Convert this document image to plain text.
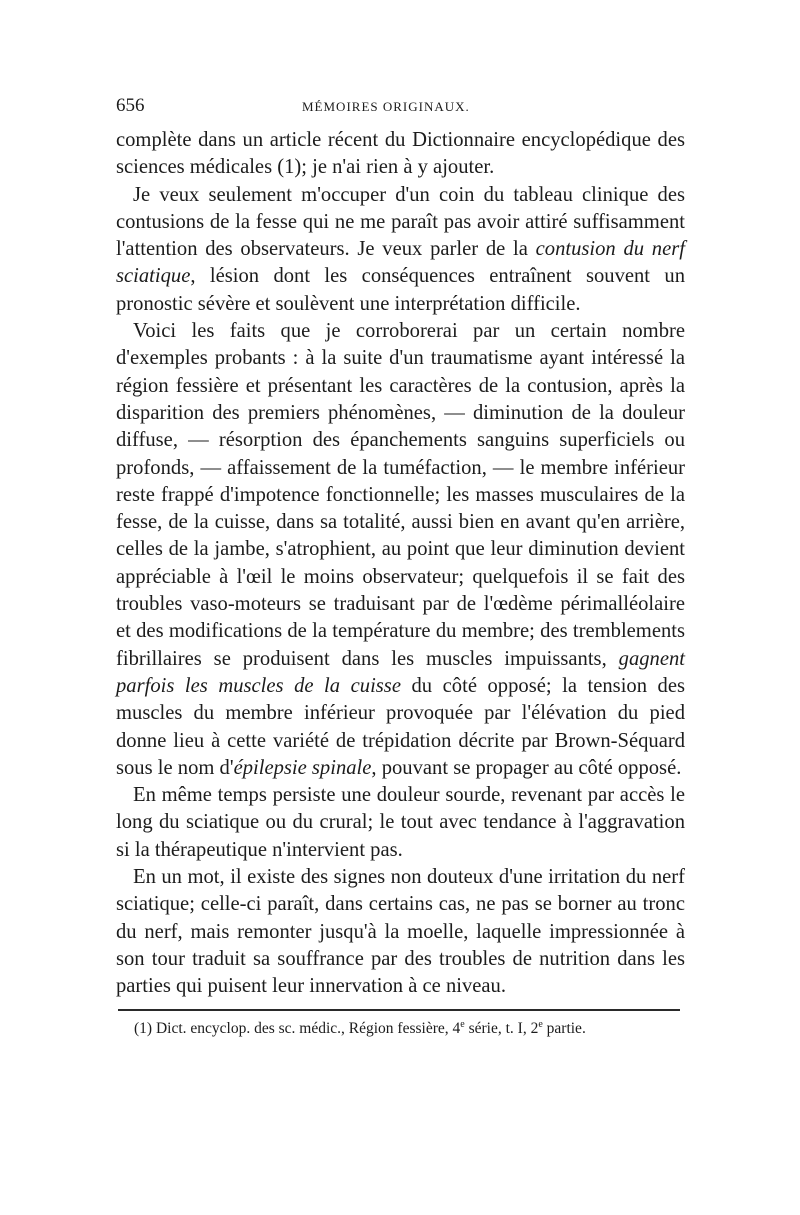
656	MÉMOIRES ORIGINAUX.

complète dans un article récent du Dictionnaire encyclopédique des sciences médicales (1); je n'ai rien à y ajouter.

Je veux seulement m'occuper d'un coin du tableau clinique des contusions de la fesse qui ne me paraît pas avoir attiré suffisamment l'attention des observateurs. Je veux parler de la contusion du nerf sciatique, lésion dont les conséquences entraînent souvent un pronostic sévère et soulèvent une interprétation difficile.

Voici les faits que je corroborerai par un certain nombre d'exemples probants : à la suite d'un traumatisme ayant intéressé la région fessière et présentant les caractères de la contusion, après la disparition des premiers phénomènes, — diminution de la douleur diffuse, — résorption des épanchements sanguins superficiels ou profonds, — affaissement de la tuméfaction, — le membre inférieur reste frappé d'impotence fonctionnelle; les masses musculaires de la fesse, de la cuisse, dans sa totalité, aussi bien en avant qu'en arrière, celles de la jambe, s'atrophient, au point que leur diminution devient appréciable à l'œil le moins observateur; quelquefois il se fait des troubles vaso-moteurs se traduisant par de l'œdème périmalléolaire et des modifications de la température du membre; des tremblements fibrillaires se produisent dans les muscles impuissants, gagnent parfois les muscles de la cuisse du côté opposé; la tension des muscles du membre inférieur provoquée par l'élévation du pied donne lieu à cette variété de trépidation décrite par Brown-Séquard sous le nom d'épilepsie spinale, pouvant se propager au côté opposé.

En même temps persiste une douleur sourde, revenant par accès le long du sciatique ou du crural; le tout avec tendance à l'aggravation si la thérapeutique n'intervient pas.

En un mot, il existe des signes non douteux d'une irritation du nerf sciatique; celle-ci paraît, dans certains cas, ne pas se borner au tronc du nerf, mais remonter jusqu'à la moelle, laquelle impressionnée à son tour traduit sa souffrance par des troubles de nutrition dans les parties qui puisent leur innervation à ce niveau.

(1) Dict. encyclop. des sc. médic., Région fessière, 4e série, t. I, 2e partie.
